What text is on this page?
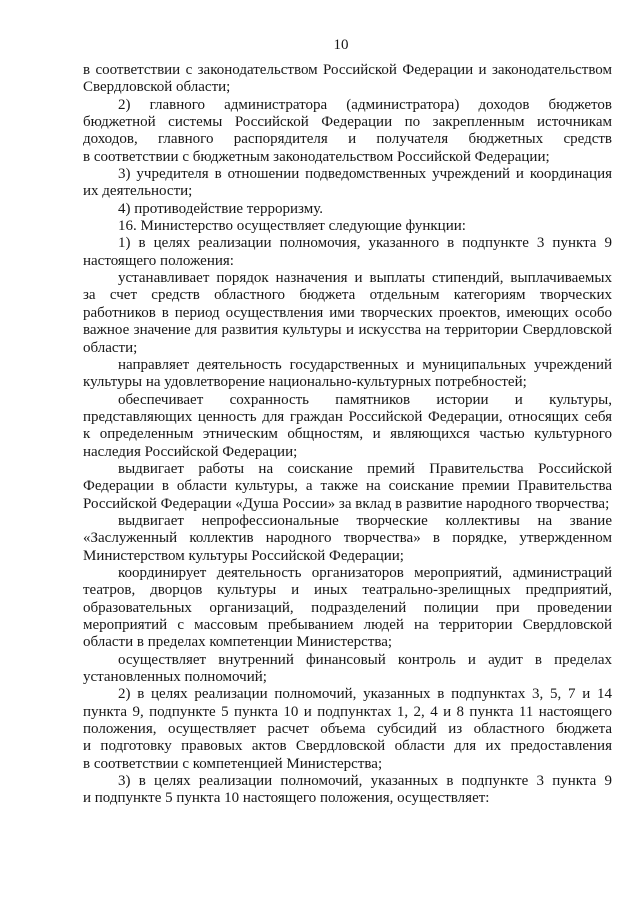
10
в соответствии с законодательством Российской Федерации и законодательством
Свердловской области;
2) главного администратора (администратора) доходов бюджетов
бюджетной системы Российской Федерации по закрепленным источникам
доходов, главного распорядителя и получателя бюджетных средств
в соответствии с бюджетным законодательством Российской Федерации;
3) учредителя в отношении подведомственных учреждений и координация
их деятельности;
4) противодействие терроризму.
16. Министерство осуществляет следующие функции:
1) в целях реализации полномочия, указанного в подпункте 3 пункта 9
настоящего положения:
устанавливает порядок назначения и выплаты стипендий, выплачиваемых
за счет средств областного бюджета отдельным категориям творческих
работников в период осуществления ими творческих проектов, имеющих особо
важное значение для развития культуры и искусства на территории Свердловской
области;
направляет деятельность государственных и муниципальных учреждений
культуры на удовлетворение национально-культурных потребностей;
обеспечивает сохранность памятников истории и культуры,
представляющих ценность для граждан Российской Федерации, относящих себя
к определенным этническим общностям, и являющихся частью культурного
наследия Российской Федерации;
выдвигает работы на соискание премий Правительства Российской
Федерации в области культуры, а также на соискание премии Правительства
Российской Федерации «Душа России» за вклад в развитие народного творчества;
выдвигает непрофессиональные творческие коллективы на звание
«Заслуженный коллектив народного творчества» в порядке, утвержденном
Министерством культуры Российской Федерации;
координирует деятельность организаторов мероприятий, администраций
театров, дворцов культуры и иных театрально-зрелищных предприятий,
образовательных организаций, подразделений полиции при проведении
мероприятий с массовым пребыванием людей на территории Свердловской
области в пределах компетенции Министерства;
осуществляет внутренний финансовый контроль и аудит в пределах
установленных полномочий;
2) в целях реализации полномочий, указанных в подпунктах 3, 5, 7 и 14
пункта 9, подпункте 5 пункта 10 и подпунктах 1, 2, 4 и 8 пункта 11 настоящего
положения, осуществляет расчет объема субсидий из областного бюджета
и подготовку правовых актов Свердловской области для их предоставления
в соответствии с компетенцией Министерства;
3) в целях реализации полномочий, указанных в подпункте 3 пункта 9
и подпункте 5 пункта 10 настоящего положения, осуществляет:
